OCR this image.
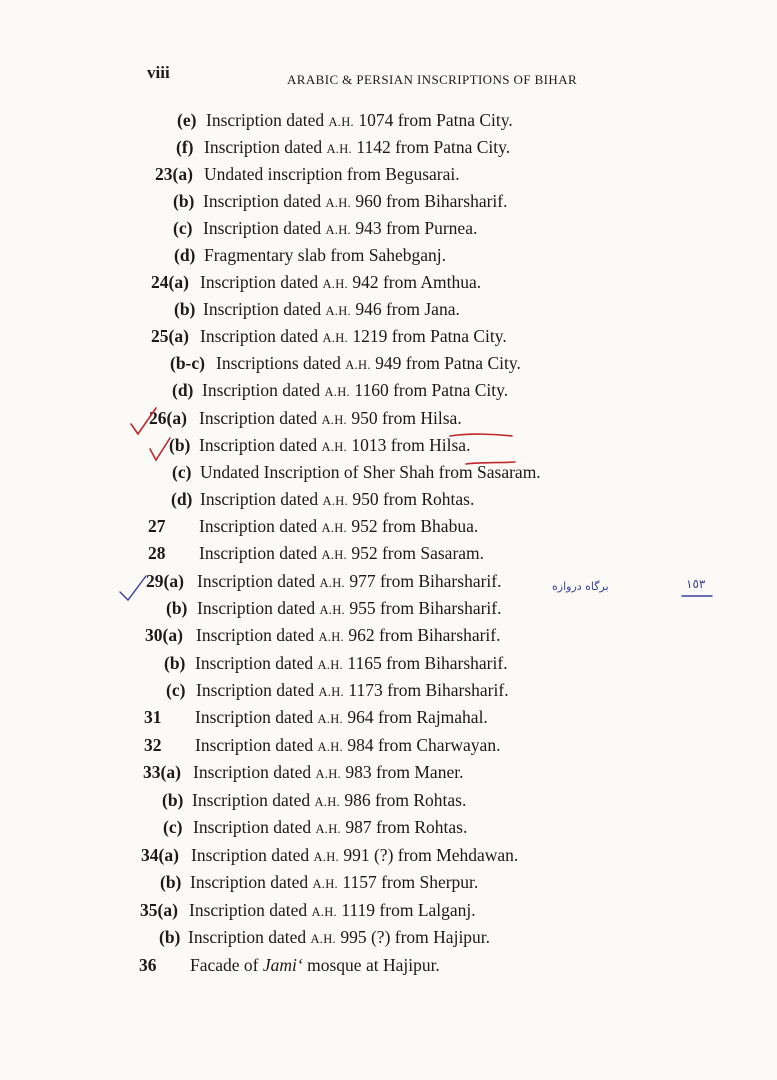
viii	ARABIC & PERSIAN INSCRIPTIONS OF BIHAR
(e) Inscription dated A.H. 1074 from Patna City.
(f) Inscription dated A.H. 1142 from Patna City.
23(a) Undated inscription from Begusarai.
(b) Inscription dated A.H. 960 from Biharsharif.
(c) Inscription dated A.H. 943 from Purnea.
(d) Fragmentary slab from Sahebganj.
24(a) Inscription dated A.H. 942 from Amthua.
(b) Inscription dated A.H. 946 from Jana.
25(a) Inscription dated A.H. 1219 from Patna City.
(b-c) Inscriptions dated A.H. 949 from Patna City.
(d) Inscription dated A.H. 1160 from Patna City.
26(a) Inscription dated A.H. 950 from Hilsa.
(b) Inscription dated A.H. 1013 from Hilsa.
(c) Undated Inscription of Sher Shah from Sasaram.
(d) Inscription dated A.H. 950 from Rohtas.
27 Inscription dated A.H. 952 from Bhabua.
28 Inscription dated A.H. 952 from Sasaram.
29(a) Inscription dated A.H. 977 from Biharsharif.
(b) Inscription dated A.H. 955 from Biharsharif.
30(a) Inscription dated A.H. 962 from Biharsharif.
(b) Inscription dated A.H. 1165 from Biharsharif.
(c) Inscription dated A.H. 1173 from Biharsharif.
31 Inscription dated A.H. 964 from Rajmahal.
32 Inscription dated A.H. 984 from Charwayan.
33(a) Inscription dated A.H. 983 from Maner.
(b) Inscription dated A.H. 986 from Rohtas.
(c) Inscription dated A.H. 987 from Rohtas.
34(a) Inscription dated A.H. 991 (?) from Mehdawan.
(b) Inscription dated A.H. 1157 from Sherpur.
35(a) Inscription dated A.H. 1119 from Lalganj.
(b) Inscription dated A.H. 995 (?) from Hajipur.
36 Facade of Jami‘ mosque at Hajipur.
برگاه دروازه	١٥٣
